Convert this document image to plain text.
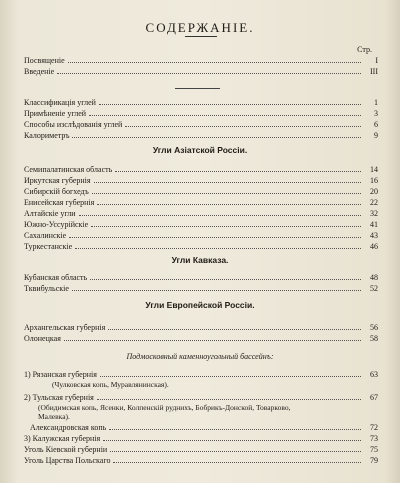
СОДЕРЖАНІЕ.
Стр.
Посвященіе	I
Введеніе	III
Классификація углей	1
Примѣненіе углей	3
Способы изслѣдованія углей	6
Калориметръ	9
Угли Азіатской Россіи.
Семипалатинская область	14
Иркутская губернія	16
Сибирскій богхедъ	20
Енисейская губернія	22
Алтайскіе угли	32
Южно-Уссурійскіе	41
Сахалинскіе	43
Туркестанскіе	46
Угли Кавказа.
Кубанская область	48
Тквибульскіе	52
Угли Европейской Россіи.
Архангельская губернія	56
Олонецкая	58
Подмосковный каменноугольный бассейнъ:
1) Рязанская губернія	63
(Чулковская копь, Муравлянинская).
2) Тульская губернія	67
(Обидимская копь, Ясенки, Колпенскій руднихъ, Бобрикъ-Донской, Товарково,
Малевка).
Александровская копь	72
3) Калужская губернія	73
Уголь Кіевской губерніи	75
Уголь Царства Польскаго	79
